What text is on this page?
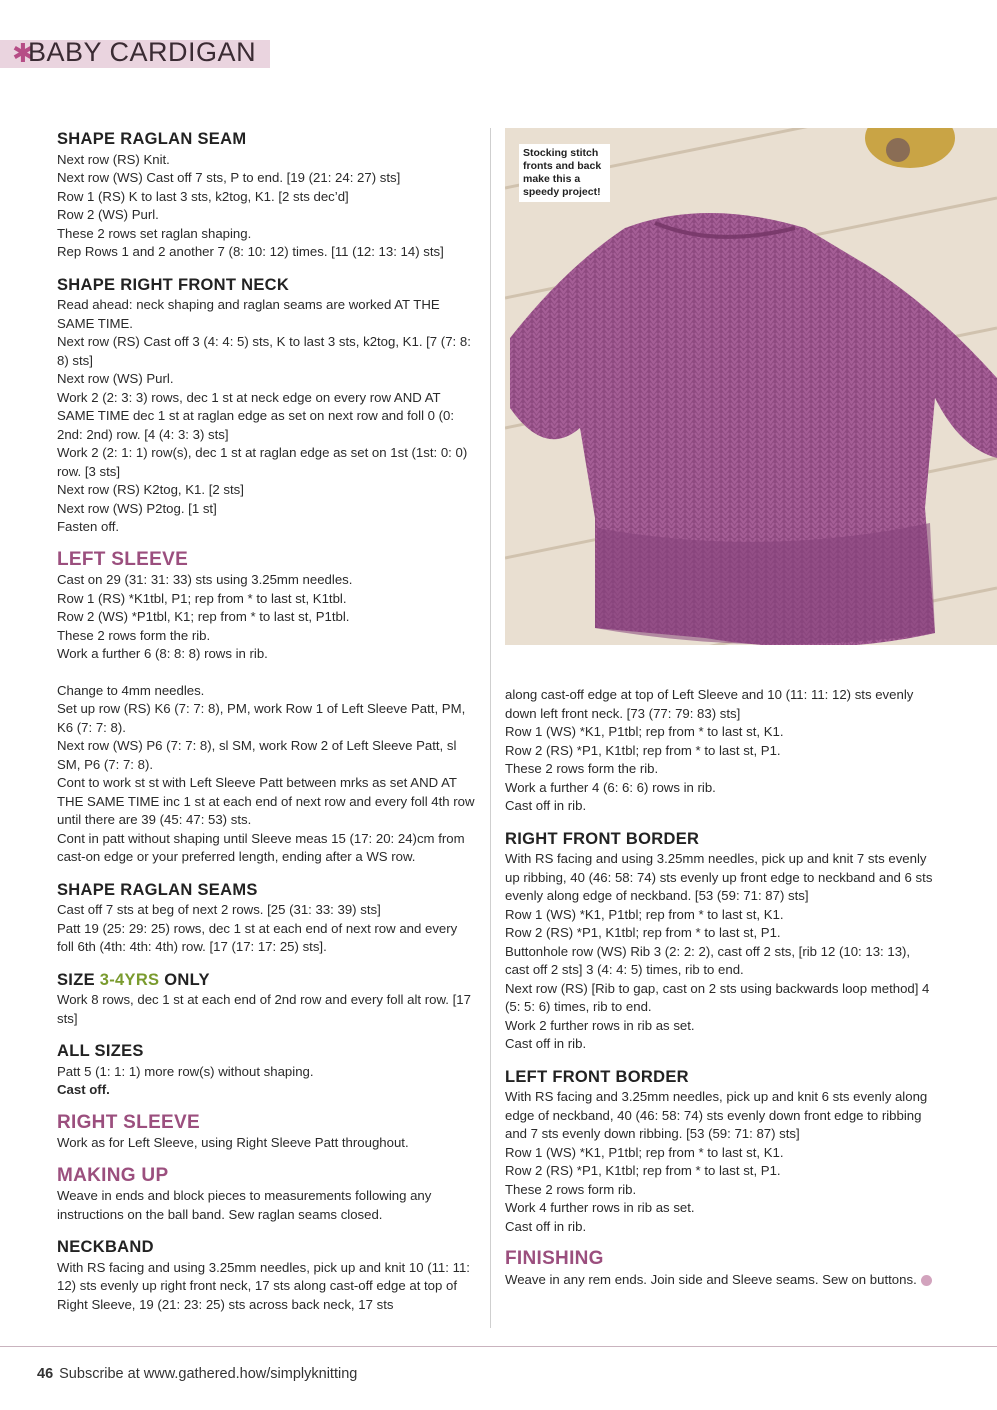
✱
BABY CARDIGAN
SHAPE RAGLAN SEAM

Next row (RS) Knit.

Next row (WS) Cast off 7 sts, P to end. [19 (21: 24: 27) sts]

Row 1 (RS) K to last 3 sts, k2tog, K1. [2 sts dec’d]

Row 2 (WS) Purl.

These 2 rows set raglan shaping.

Rep Rows 1 and 2 another 7 (8: 10: 12) times. [11 (12: 13: 14) sts]

SHAPE RIGHT FRONT NECK

Read ahead: neck shaping and raglan seams are worked AT THE SAME TIME.

Next row (RS) Cast off 3 (4: 4: 5) sts, K to last 3 sts, k2tog, K1. [7 (7: 8: 8) sts]

Next row (WS) Purl.

Work 2 (2: 3: 3) rows, dec 1 st at neck edge on every row AND AT SAME TIME dec 1 st at raglan edge as set on next row and foll 0 (0: 2nd: 2nd) row. [4 (4: 3: 3) sts]

Work 2 (2: 1: 1) row(s), dec 1 st at raglan edge as set on 1st (1st: 0: 0) row. [3 sts]

Next row (RS) K2tog, K1. [2 sts]

Next row (WS) P2tog. [1 st]

Fasten off.

LEFT SLEEVE

Cast on 29 (31: 31: 33) sts using 3.25mm needles.

Row 1 (RS) *K1tbl, P1; rep from * to last st, K1tbl.

Row 2 (WS) *P1tbl, K1; rep from * to last st, P1tbl.

These 2 rows form the rib.

Work a further 6 (8: 8: 8) rows in rib.

Change to 4mm needles.

Set up row (RS) K6 (7: 7: 8), PM, work Row 1 of Left Sleeve Patt, PM, K6 (7: 7: 8).

Next row (WS) P6 (7: 7: 8), sl SM, work Row 2 of Left Sleeve Patt, sl SM, P6 (7: 7: 8).

Cont to work st st with Left Sleeve Patt between mrks as set AND AT THE SAME TIME inc 1 st at each end of next row and every foll 4th row until there are 39 (45: 47: 53) sts.

Cont in patt without shaping until Sleeve meas 15 (17: 20: 24)cm from cast-on edge or your preferred length, ending after a WS row.

SHAPE RAGLAN SEAMS

Cast off 7 sts at beg of next 2 rows. [25 (31: 33: 39) sts]

Patt 19 (25: 29: 25) rows, dec 1 st at each end of next row and every foll 6th (4th: 4th: 4th) row. [17 (17: 17: 25) sts].

SIZE 3-4YRS ONLY

Work 8 rows, dec 1 st at each end of 2nd row and every foll alt row. [17 sts]

ALL SIZES

Patt 5 (1: 1: 1) more row(s) without shaping.

Cast off.

RIGHT SLEEVE

Work as for Left Sleeve, using Right Sleeve Patt throughout.

MAKING UP

Weave in ends and block pieces to measurements following any instructions on the ball band. Sew raglan seams closed.

NECKBAND

With RS facing and using 3.25mm needles, pick up and knit 10 (11: 11: 12) sts evenly up right front neck, 17 sts along cast-off edge at top of Right Sleeve, 19 (21: 23: 25) sts across back neck, 17 sts

Stocking stitch fronts and back make this a speedy project!

along cast-off edge at top of Left Sleeve and 10 (11: 11: 12) sts evenly down left front neck. [73 (77: 79: 83) sts]

Row 1 (WS) *K1, P1tbl; rep from * to last st, K1.

Row 2 (RS) *P1, K1tbl; rep from * to last st, P1.

These 2 rows form the rib.

Work a further 4 (6: 6: 6) rows in rib.

Cast off in rib.

RIGHT FRONT BORDER

With RS facing and using 3.25mm needles, pick up and knit 7 sts evenly up ribbing, 40 (46: 58: 74) sts evenly up front edge to neckband and 6 sts evenly along edge of neckband. [53 (59: 71: 87) sts]

Row 1 (WS) *K1, P1tbl; rep from * to last st, K1.

Row 2 (RS) *P1, K1tbl; rep from * to last st, P1.

Buttonhole row (WS) Rib 3 (2: 2: 2), cast off 2 sts, [rib 12 (10: 13: 13), cast off 2 sts] 3 (4: 4: 5) times, rib to end.

Next row (RS) [Rib to gap, cast on 2 sts using backwards loop method] 4 (5: 5: 6) times, rib to end.

Work 2 further rows in rib as set.

Cast off in rib.

LEFT FRONT BORDER

With RS facing and 3.25mm needles, pick up and knit 6 sts evenly along edge of neckband, 40 (46: 58: 74) sts evenly down front edge to ribbing and 7 sts evenly down ribbing. [53 (59: 71: 87) sts]

Row 1 (WS) *K1, P1tbl; rep from * to last st, K1.

Row 2 (RS) *P1, K1tbl; rep from * to last st, P1.

These 2 rows form rib.

Work 4 further rows in rib as set.

Cast off in rib.

FINISHING

Weave in any rem ends. Join side and Sleeve seams. Sew on buttons.

46 Subscribe at www.gathered.how/simplyknitting
